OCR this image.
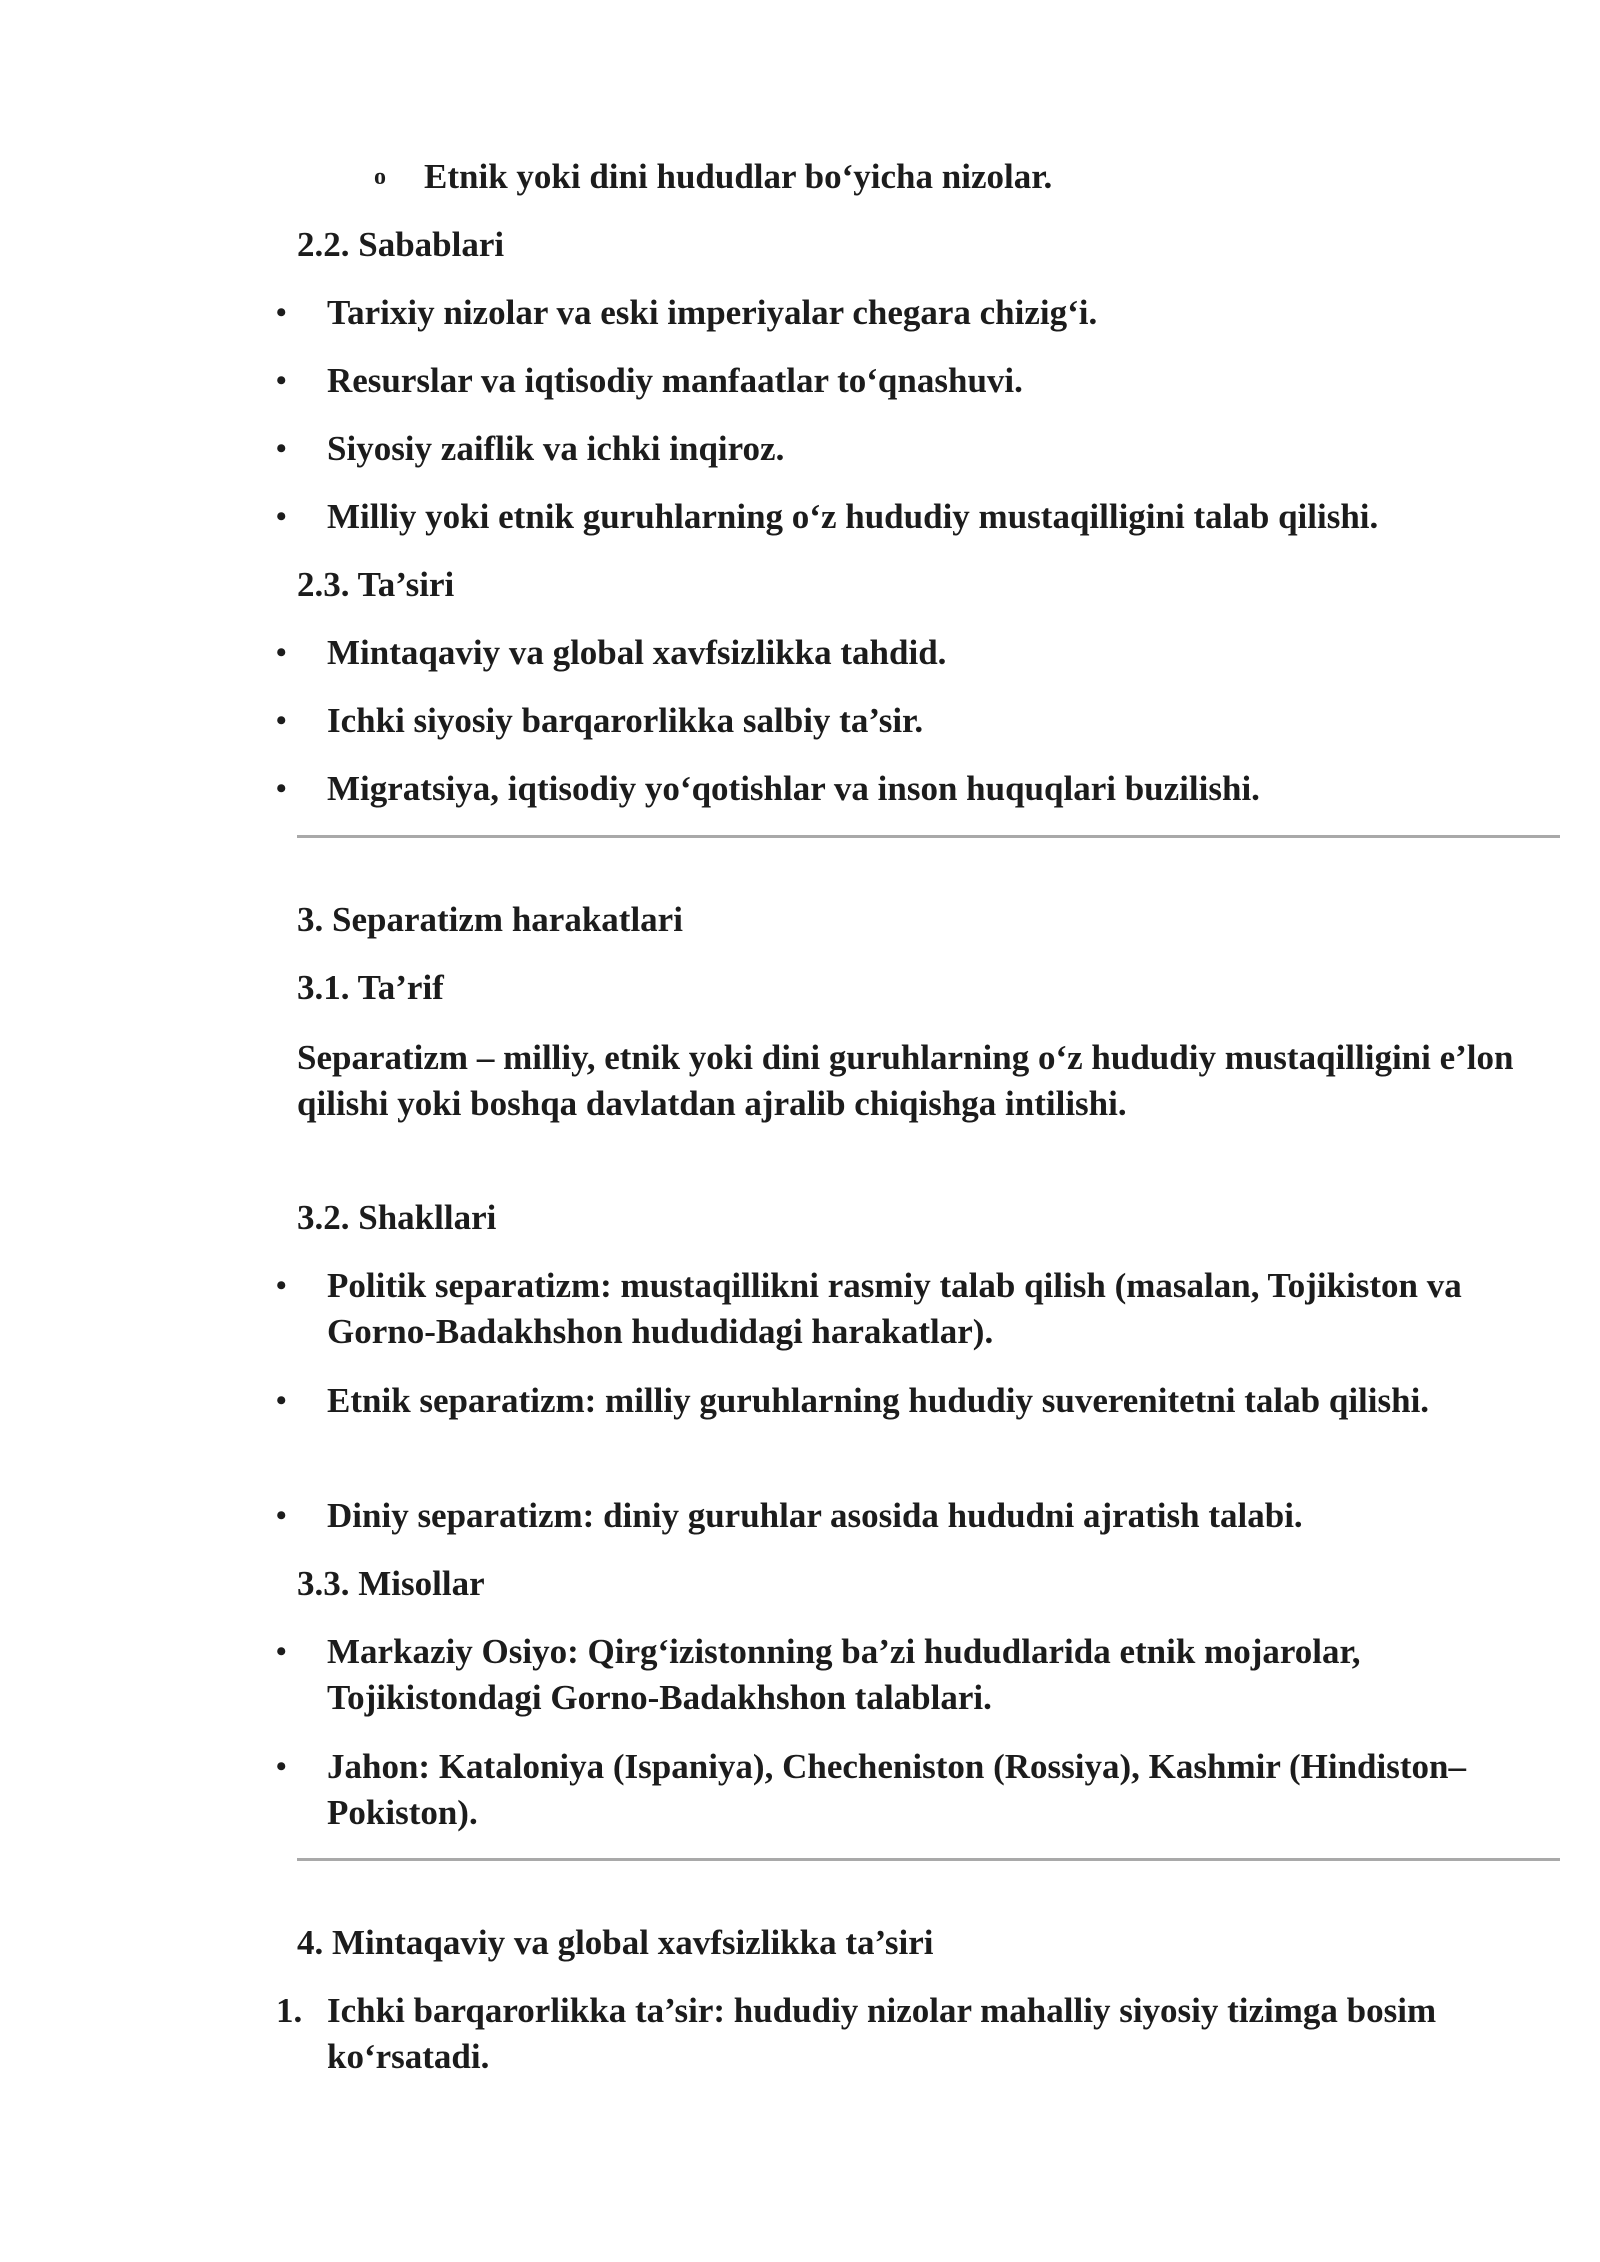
o Etnik yoki dini hududlar bo‘yicha nizolar.
2.2. Sabablari
• Tarixiy nizolar va eski imperiyalar chegara chizig‘i.
• Resurslar va iqtisodiy manfaatlar to‘qnashuvi.
• Siyosiy zaiflik va ichki inqiroz.
• Milliy yoki etnik guruhlarning o‘z hududiy mustaqilligini talab qilishi.
2.3. Ta’siri
• Mintaqaviy va global xavfsizlikka tahdid.
• Ichki siyosiy barqarorlikka salbiy ta’sir.
• Migratsiya, iqtisodiy yo‘qotishlar va inson huquqlari buzilishi.
3. Separatizm harakatlari
3.1. Ta’rif
Separatizm – milliy, etnik yoki dini guruhlarning o‘z hududiy mustaqilligini e’lon qilishi yoki boshqa davlatdan ajralib chiqishga intilishi.
3.2. Shakllari
• Politik separatizm: mustaqillikni rasmiy talab qilish (masalan, Tojikiston va Gorno-Badakhshon hududidagi harakatlar).
• Etnik separatizm: milliy guruhlarning hududiy suverenitetni talab qilishi.
• Diniy separatizm: diniy guruhlar asosida hududni ajratish talabi.
3.3. Misollar
• Markaziy Osiyo: Qirg‘izistonning ba’zi hududlarida etnik mojarolar, Tojikistondagi Gorno-Badakhshon talablari.
• Jahon: Kataloniya (Ispaniya), Checheniston (Rossiya), Kashmir (Hindiston–Pokiston).
4. Mintaqaviy va global xavfsizlikka ta’siri
1. Ichki barqarorlikka ta’sir: hududiy nizolar mahalliy siyosiy tizimga bosim ko‘rsatadi.
